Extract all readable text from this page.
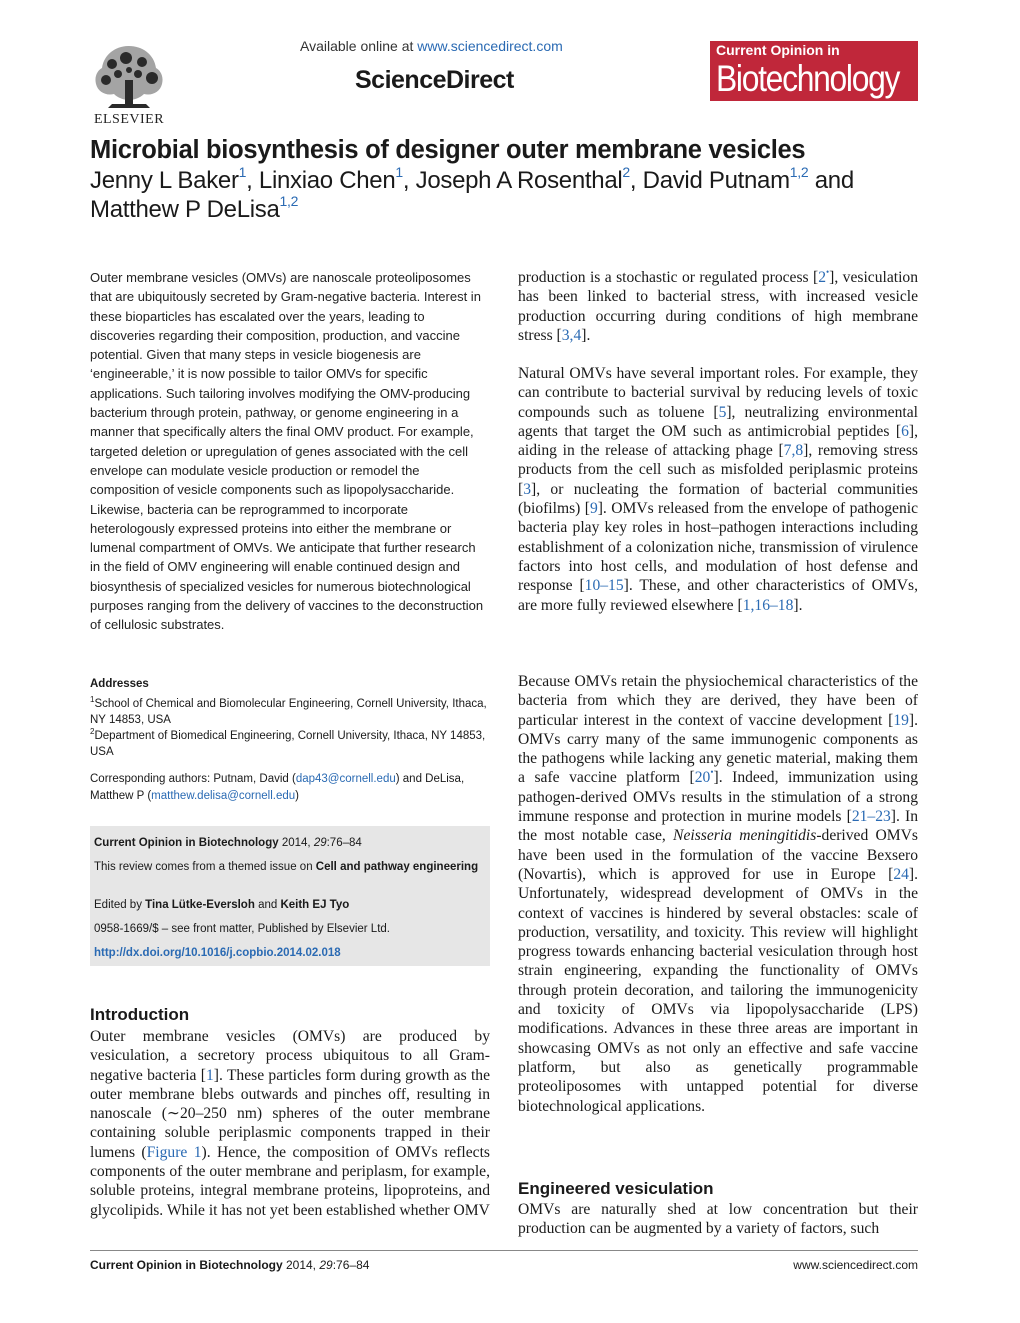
ELSEVIER
Available online at www.sciencedirect.com
ScienceDirect
Current Opinion in
Biotechnology
Microbial biosynthesis of designer outer membrane vesicles
Jenny L Baker$^1$, Linxiao Chen$^1$, Joseph A Rosenthal$^2$, David Putnam$^{1,2}$ and Matthew P DeLisa$^{1,2}$
Outer membrane vesicles (OMVs) are nanoscale proteoliposomes that are ubiquitously secreted by Gram-negative bacteria. Interest in these bioparticles has escalated over the years, leading to discoveries regarding their composition, production, and vaccine potential. Given that many steps in vesicle biogenesis are ‘engineerable,’ it is now possible to tailor OMVs for specific applications. Such tailoring involves modifying the OMV-producing bacterium through protein, pathway, or genome engineering in a manner that specifically alters the final OMV product. For example, targeted deletion or upregulation of genes associated with the cell envelope can modulate vesicle production or remodel the composition of vesicle components such as lipopolysaccharide. Likewise, bacteria can be reprogrammed to incorporate heterologously expressed proteins into either the membrane or lumenal compartment of OMVs. We anticipate that further research in the field of OMV engineering will enable continued design and biosynthesis of specialized vesicles for numerous biotechnological purposes ranging from the delivery of vaccines to the deconstruction of cellulosic substrates.
Addresses
$^1$School of Chemical and Biomolecular Engineering, Cornell University, Ithaca, NY 14853, USA
$^2$Department of Biomedical Engineering, Cornell University, Ithaca, NY 14853, USA
Corresponding authors: Putnam, David (dap43@cornell.edu) and DeLisa, Matthew P (matthew.delisa@cornell.edu)
Current Opinion in Biotechnology 2014, 29:76–84
This review comes from a themed issue on Cell and pathway engineering
Edited by Tina Lütke-Eversloh and Keith EJ Tyo
0958-1669/$ – see front matter, Published by Elsevier Ltd.
http://dx.doi.org/10.1016/j.copbio.2014.02.018
Introduction
Outer membrane vesicles (OMVs) are produced by vesiculation, a secretory process ubiquitous to all Gram-negative bacteria [1]. These particles form during growth as the outer membrane blebs outwards and pinches off, resulting in nanoscale (∼20–250 nm) spheres of the outer membrane containing soluble periplasmic components trapped in their lumens (Figure 1). Hence, the composition of OMVs reflects components of the outer membrane and periplasm, for example, soluble proteins, integral membrane proteins, lipoproteins, and glycolipids. While it has not yet been established whether OMV
production is a stochastic or regulated process [2•], vesiculation has been linked to bacterial stress, with increased vesicle production occurring during conditions of high membrane stress [3,4].
Natural OMVs have several important roles. For example, they can contribute to bacterial survival by reducing levels of toxic compounds such as toluene [5], neutralizing environmental agents that target the OM such as antimicrobial peptides [6], aiding in the release of attacking phage [7,8], removing stress products from the cell such as misfolded periplasmic proteins [3], or nucleating the formation of bacterial communities (biofilms) [9]. OMVs released from the envelope of pathogenic bacteria play key roles in host–pathogen interactions including establishment of a colonization niche, transmission of virulence factors into host cells, and modulation of host defense and response [10–15]. These, and other characteristics of OMVs, are more fully reviewed elsewhere [1,16–18].
Because OMVs retain the physiochemical characteristics of the bacteria from which they are derived, they have been of particular interest in the context of vaccine development [19]. OMVs carry many of the same immunogenic components as the pathogens while lacking any genetic material, making them a safe vaccine platform [20•]. Indeed, immunization using pathogen-derived OMVs results in the stimulation of a strong immune response and protection in murine models [21–23]. In the most notable case, Neisseria meningitidis-derived OMVs have been used in the formulation of the vaccine Bexsero (Novartis), which is approved for use in Europe [24]. Unfortunately, widespread development of OMVs in the context of vaccines is hindered by several obstacles: scale of production, versatility, and toxicity. This review will highlight progress towards enhancing bacterial vesiculation through host strain engineering, expanding the functionality of OMVs through protein decoration, and tailoring the immunogenicity and toxicity of OMVs via lipopolysaccharide (LPS) modifications. Advances in these three areas are important in showcasing OMVs as not only an effective and safe vaccine platform, but also as genetically programmable proteoliposomes with untapped potential for diverse biotechnological applications.
Engineered vesiculation
OMVs are naturally shed at low concentration but their production can be augmented by a variety of factors, such
Current Opinion in Biotechnology 2014, 29:76–84	www.sciencedirect.com
